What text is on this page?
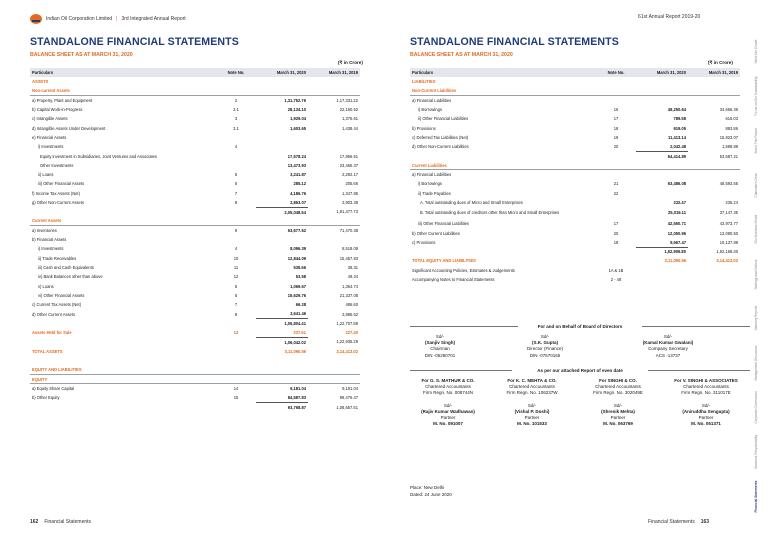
Indian Oil Corporation Limited | 3rd Integrated Annual Report
STANDALONE FINANCIAL STATEMENTS
BALANCE SHEET AS AT MARCH 31, 2020
(₹ in Crore)
Particulars	Note No.	March 31, 2020	March 31, 2019
ASSETS			
Non-current Assets			
a) Property, Plant and Equipment	2	1,31,752.76	1,17,331.22
b) Capital Work-in-Progress	2.1	28,134.10	22,160.52
c) Intangible Assets	3	1,929.04	1,376.61
d) Intangible Assets Under Development	3.1	1,603.65	1,438.44
e) Financial Assets			
i) Investments	4		
Equity investment in Subsidiaries, Joint Ventures and Associates		17,578.24	17,956.51
Other Investments		13,473.93	23,465.37
ii) Loans	5	3,241.87	2,292.17
iii) Other Financial Assets	6	285.12	205.66
f) Income Tax Assets (Net)	7	4,186.76	1,347.85
g) Other Non-Current Assets	8	2,863.07	3,903.38
		2,05,048.54	1,91,477.73
Current Assets			
a) Inventories	9	63,677.62	71,470.38
b) Financial Assets			
i) Investments	4	8,096.39	8,518.09
ii) Trade Receivables	10	12,844.09	15,457.83
iii) Cash and Cash Equivalents	11	535.56	38.31
iv) Bank Balances other than above	12	53.58	49.34
v) Loans	5	1,069.67	1,364.74
vi) Other Financial Assets	6	15,629.76	21,337.08
c) Current Tax Assets (Net)	7	66.28	486.60
d) Other Current Assets	8	3,641.46	3,985.52
		1,05,804.41	1,22,707.89
Assets Held for Sale	13	237.61	227.40
		1,06,042.02	1,22,935.29
TOTAL ASSETS		3,11,090.56	3,14,413.02

EQUITY AND LIABILITIES			
EQUITY			
a) Equity Share Capital	14	9,181.04	9,181.04
b) Other Equity	15	84,587.83	99,476.47
		93,768.87	1,08,657.51
162 Financial Statements
61st Annual Report 2019-20
STANDALONE FINANCIAL STATEMENTS
BALANCE SHEET AS AT MARCH 31, 2020
(₹ in Crore)
Particulars	Note No.	March 31, 2020	March 31, 2019
LIABILITIES			
Non-Current Liabilities			
a) Financial Liabilities			
i) Borrowings	16	49,250.64	34,666.36
ii) Other Financial Liabilities	17	789.58	615.03
b) Provisions	18	919.05	883.86
c) Deferred Tax Liabilities (Net)	19	11,413.14	15,823.07
d) Other Non-Current Liabilities	20	2,042.48	1,598.89
		64,414.89	53,587.21
Current Liabilities			
a) Financial Liabilities			
i) Borrowings	21	63,486.08	48,593.55
ii) Trade Payables	22		
A. Total outstanding dues of Micro and Small Enterprises		232.47	235.24
B. Total outstanding dues of creditors other than Micro and Small Enterprises		25,019.11	37,147.35
iii) Other Financial Liabilities	17	42,550.71	43,973.77
b) Other Current Liabilities	20	12,050.96	12,080.50
c) Provisions	18	9,567.47	10,137.89
		1,52,906.80	1,52,168.30
TOTAL EQUITY AND LIABILITIES		3,11,090.56	3,14,413.02
Significant Accounting Policies, Estimates & Judgements	1A & 1B		
Accompanying Notes to Financial Statements	2 - 48		
Financial Statements 163
Value We Create
Focus on Our Sustainability
About This Report
Chairman's Desk
Our Business Model
Strategy and Outlook
Statutory Reports
Management Discussion
Corporate Governance
Business Responsibility
Financial Statements
For and on Behalf of Board of Directors
Sd/-
(Sanjiv Singh)
Chairman
DIN -05280701
Sd/-
(S.K. Gupta)
Director (Finance)
DIN -07570165
Sd/-
(Kamal Kumar Gwalani)
Company Secretary
ACS -13737
As per our attached Report of even date
For G. S. MATHUR & CO.
Chartered Accountants
Firm Regn. No. 008744N
Sd/-
(Rajiv Kumar Wadhawan)
Partner
M. No. 091007
For K. C. MEHTA & CO.
Chartered Accountants
Firm Regn. No. 106237W
Sd/-
(Vishal P. Doshi)
Partner
M. No. 101533
For SINGHI & CO.
Chartered Accountants
Firm Regn. No. 302049E
Sd/-
(Shrenik Mehta)
Partner
M. No. 063769
For V. SINGHI & ASSOCIATES
Chartered Accountants
Firm Regn. No. 311017E
Sd/-
(Aniruddha Sengupta)
Partner
M. No. 051371
Place: New Delhi
Dated: 24 June 2020
